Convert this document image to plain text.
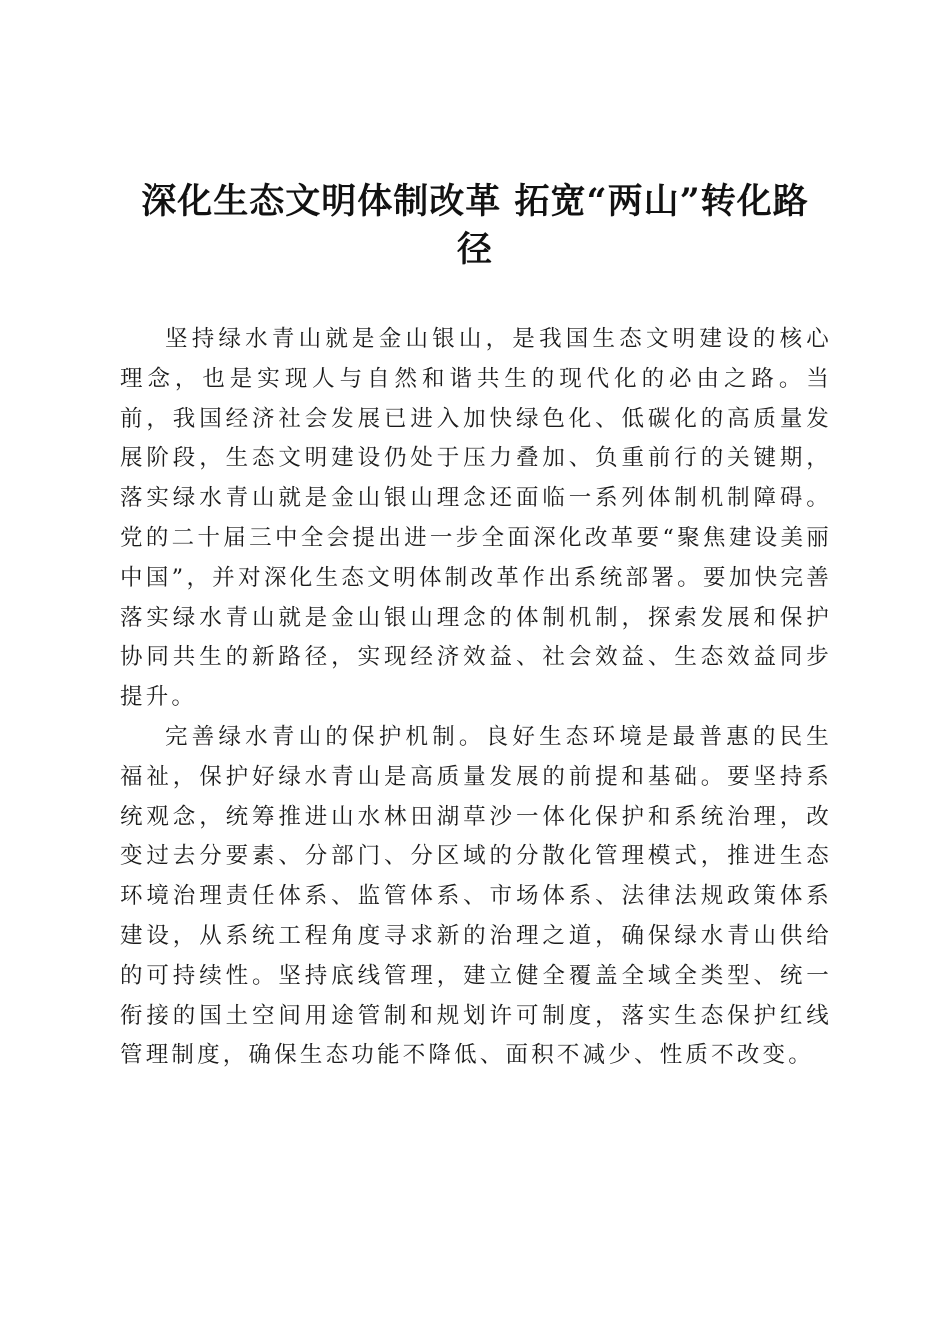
深化生态文明体制改革 拓宽“两山”转化路
径

坚持绿水青山就是金山银山，是我国生态文明建设的核心理念，也是实现人与自然和谐共生的现代化的必由之路。当前，我国经济社会发展已进入加快绿色化、低碳化的高质量发展阶段，生态文明建设仍处于压力叠加、负重前行的关键期，落实绿水青山就是金山银山理念还面临一系列体制机制障碍。党的二十届三中全会提出进一步全面深化改革要“聚焦建设美丽中国”，并对深化生态文明体制改革作出系统部署。要加快完善落实绿水青山就是金山银山理念的体制机制，探索发展和保护协同共生的新路径，实现经济效益、社会效益、生态效益同步提升。

完善绿水青山的保护机制。良好生态环境是最普惠的民生福祉，保护好绿水青山是高质量发展的前提和基础。要坚持系统观念，统筹推进山水林田湖草沙一体化保护和系统治理，改变过去分要素、分部门、分区域的分散化管理模式，推进生态环境治理责任体系、监管体系、市场体系、法律法规政策体系建设，从系统工程角度寻求新的治理之道，确保绿水青山供给的可持续性。坚持底线管理，建立健全覆盖全域全类型、统一衔接的国土空间用途管制和规划许可制度，落实生态保护红线管理制度，确保生态功能不降低、面积不减少、性质不改变。
